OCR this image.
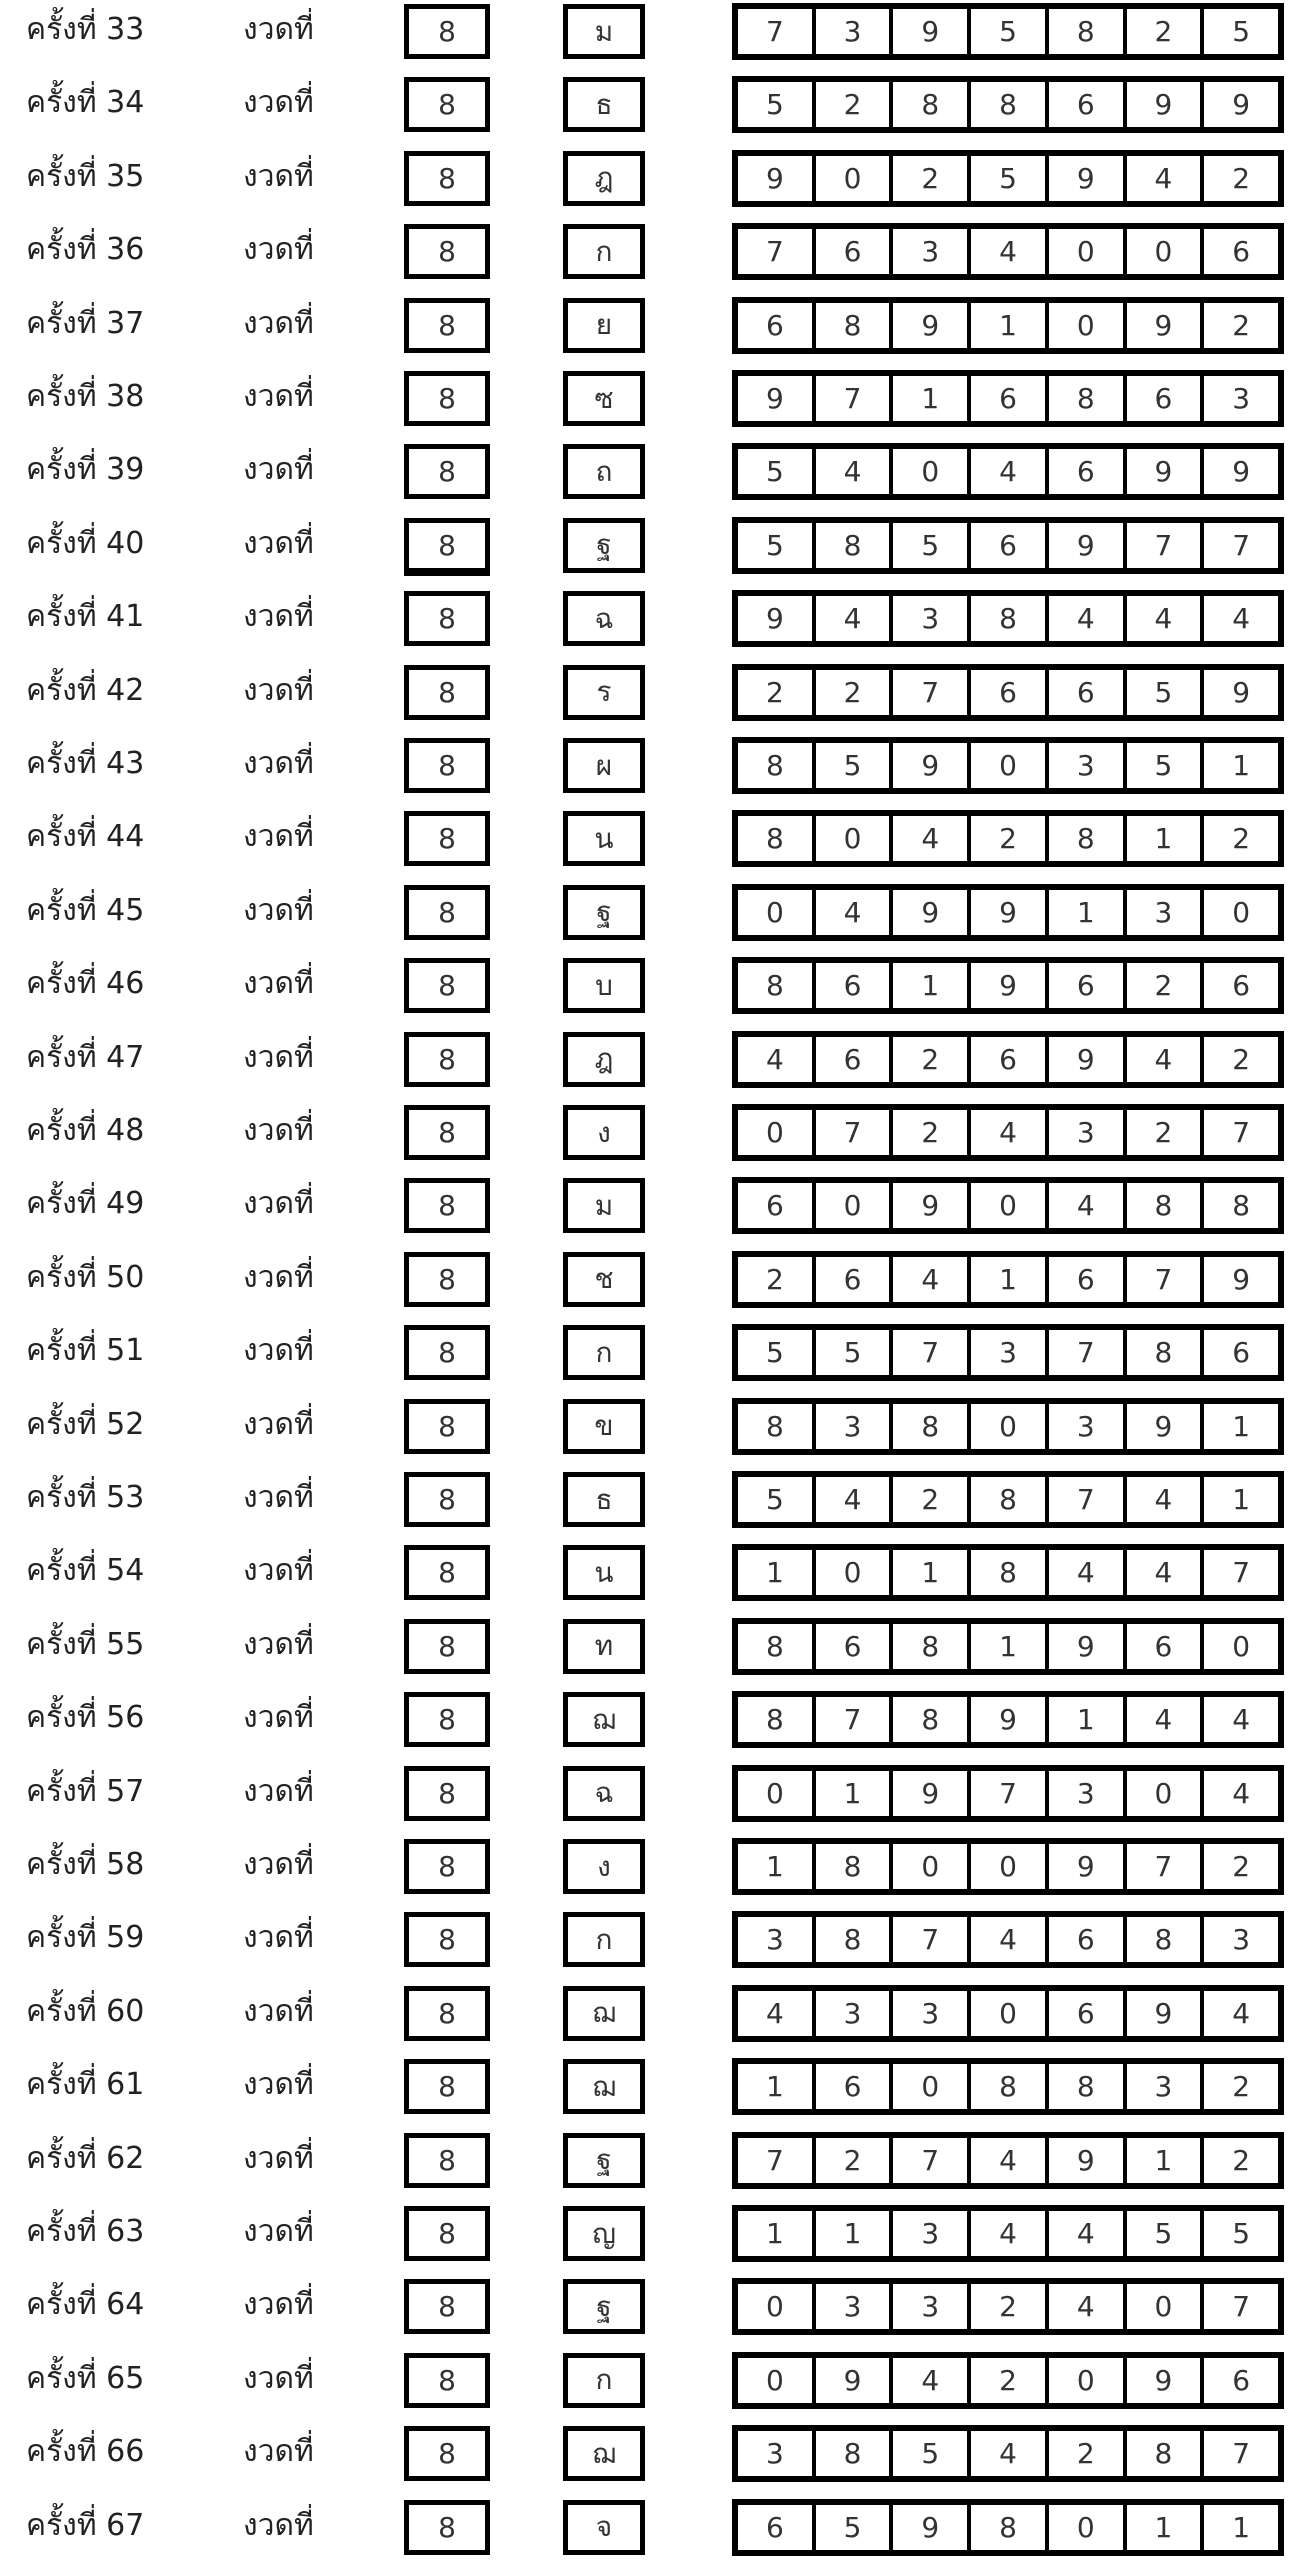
ครั้งที่ 33	งวดที่	8	ม	7	3	9	5	8	2	5
ครั้งที่ 34	งวดที่	8	ธ	5	2	8	8	6	9	9
ครั้งที่ 35	งวดที่	8	ฎ	9	0	2	5	9	4	2
ครั้งที่ 36	งวดที่	8	ก	7	6	3	4	0	0	6
ครั้งที่ 37	งวดที่	8	ย	6	8	9	1	0	9	2
ครั้งที่ 38	งวดที่	8	ซ	9	7	1	6	8	6	3
ครั้งที่ 39	งวดที่	8	ถ	5	4	0	4	6	9	9
ครั้งที่ 40	งวดที่	8	ฐ	5	8	5	6	9	7	7
ครั้งที่ 41	งวดที่	8	ฉ	9	4	3	8	4	4	4
ครั้งที่ 42	งวดที่	8	ร	2	2	7	6	6	5	9
ครั้งที่ 43	งวดที่	8	ผ	8	5	9	0	3	5	1
ครั้งที่ 44	งวดที่	8	น	8	0	4	2	8	1	2
ครั้งที่ 45	งวดที่	8	ฐ	0	4	9	9	1	3	0
ครั้งที่ 46	งวดที่	8	บ	8	6	1	9	6	2	6
ครั้งที่ 47	งวดที่	8	ฎ	4	6	2	6	9	4	2
ครั้งที่ 48	งวดที่	8	ง	0	7	2	4	3	2	7
ครั้งที่ 49	งวดที่	8	ม	6	0	9	0	4	8	8
ครั้งที่ 50	งวดที่	8	ช	2	6	4	1	6	7	9
ครั้งที่ 51	งวดที่	8	ก	5	5	7	3	7	8	6
ครั้งที่ 52	งวดที่	8	ข	8	3	8	0	3	9	1
ครั้งที่ 53	งวดที่	8	ธ	5	4	2	8	7	4	1
ครั้งที่ 54	งวดที่	8	น	1	0	1	8	4	4	7
ครั้งที่ 55	งวดที่	8	ท	8	6	8	1	9	6	0
ครั้งที่ 56	งวดที่	8	ฌ	8	7	8	9	1	4	4
ครั้งที่ 57	งวดที่	8	ฉ	0	1	9	7	3	0	4
ครั้งที่ 58	งวดที่	8	ง	1	8	0	0	9	7	2
ครั้งที่ 59	งวดที่	8	ก	3	8	7	4	6	8	3
ครั้งที่ 60	งวดที่	8	ฌ	4	3	3	0	6	9	4
ครั้งที่ 61	งวดที่	8	ฌ	1	6	0	8	8	3	2
ครั้งที่ 62	งวดที่	8	ฐ	7	2	7	4	9	1	2
ครั้งที่ 63	งวดที่	8	ญ	1	1	3	4	4	5	5
ครั้งที่ 64	งวดที่	8	ฐ	0	3	3	2	4	0	7
ครั้งที่ 65	งวดที่	8	ก	0	9	4	2	0	9	6
ครั้งที่ 66	งวดที่	8	ฌ	3	8	5	4	2	8	7
ครั้งที่ 67	งวดที่	8	จ	6	5	9	8	0	1	1
